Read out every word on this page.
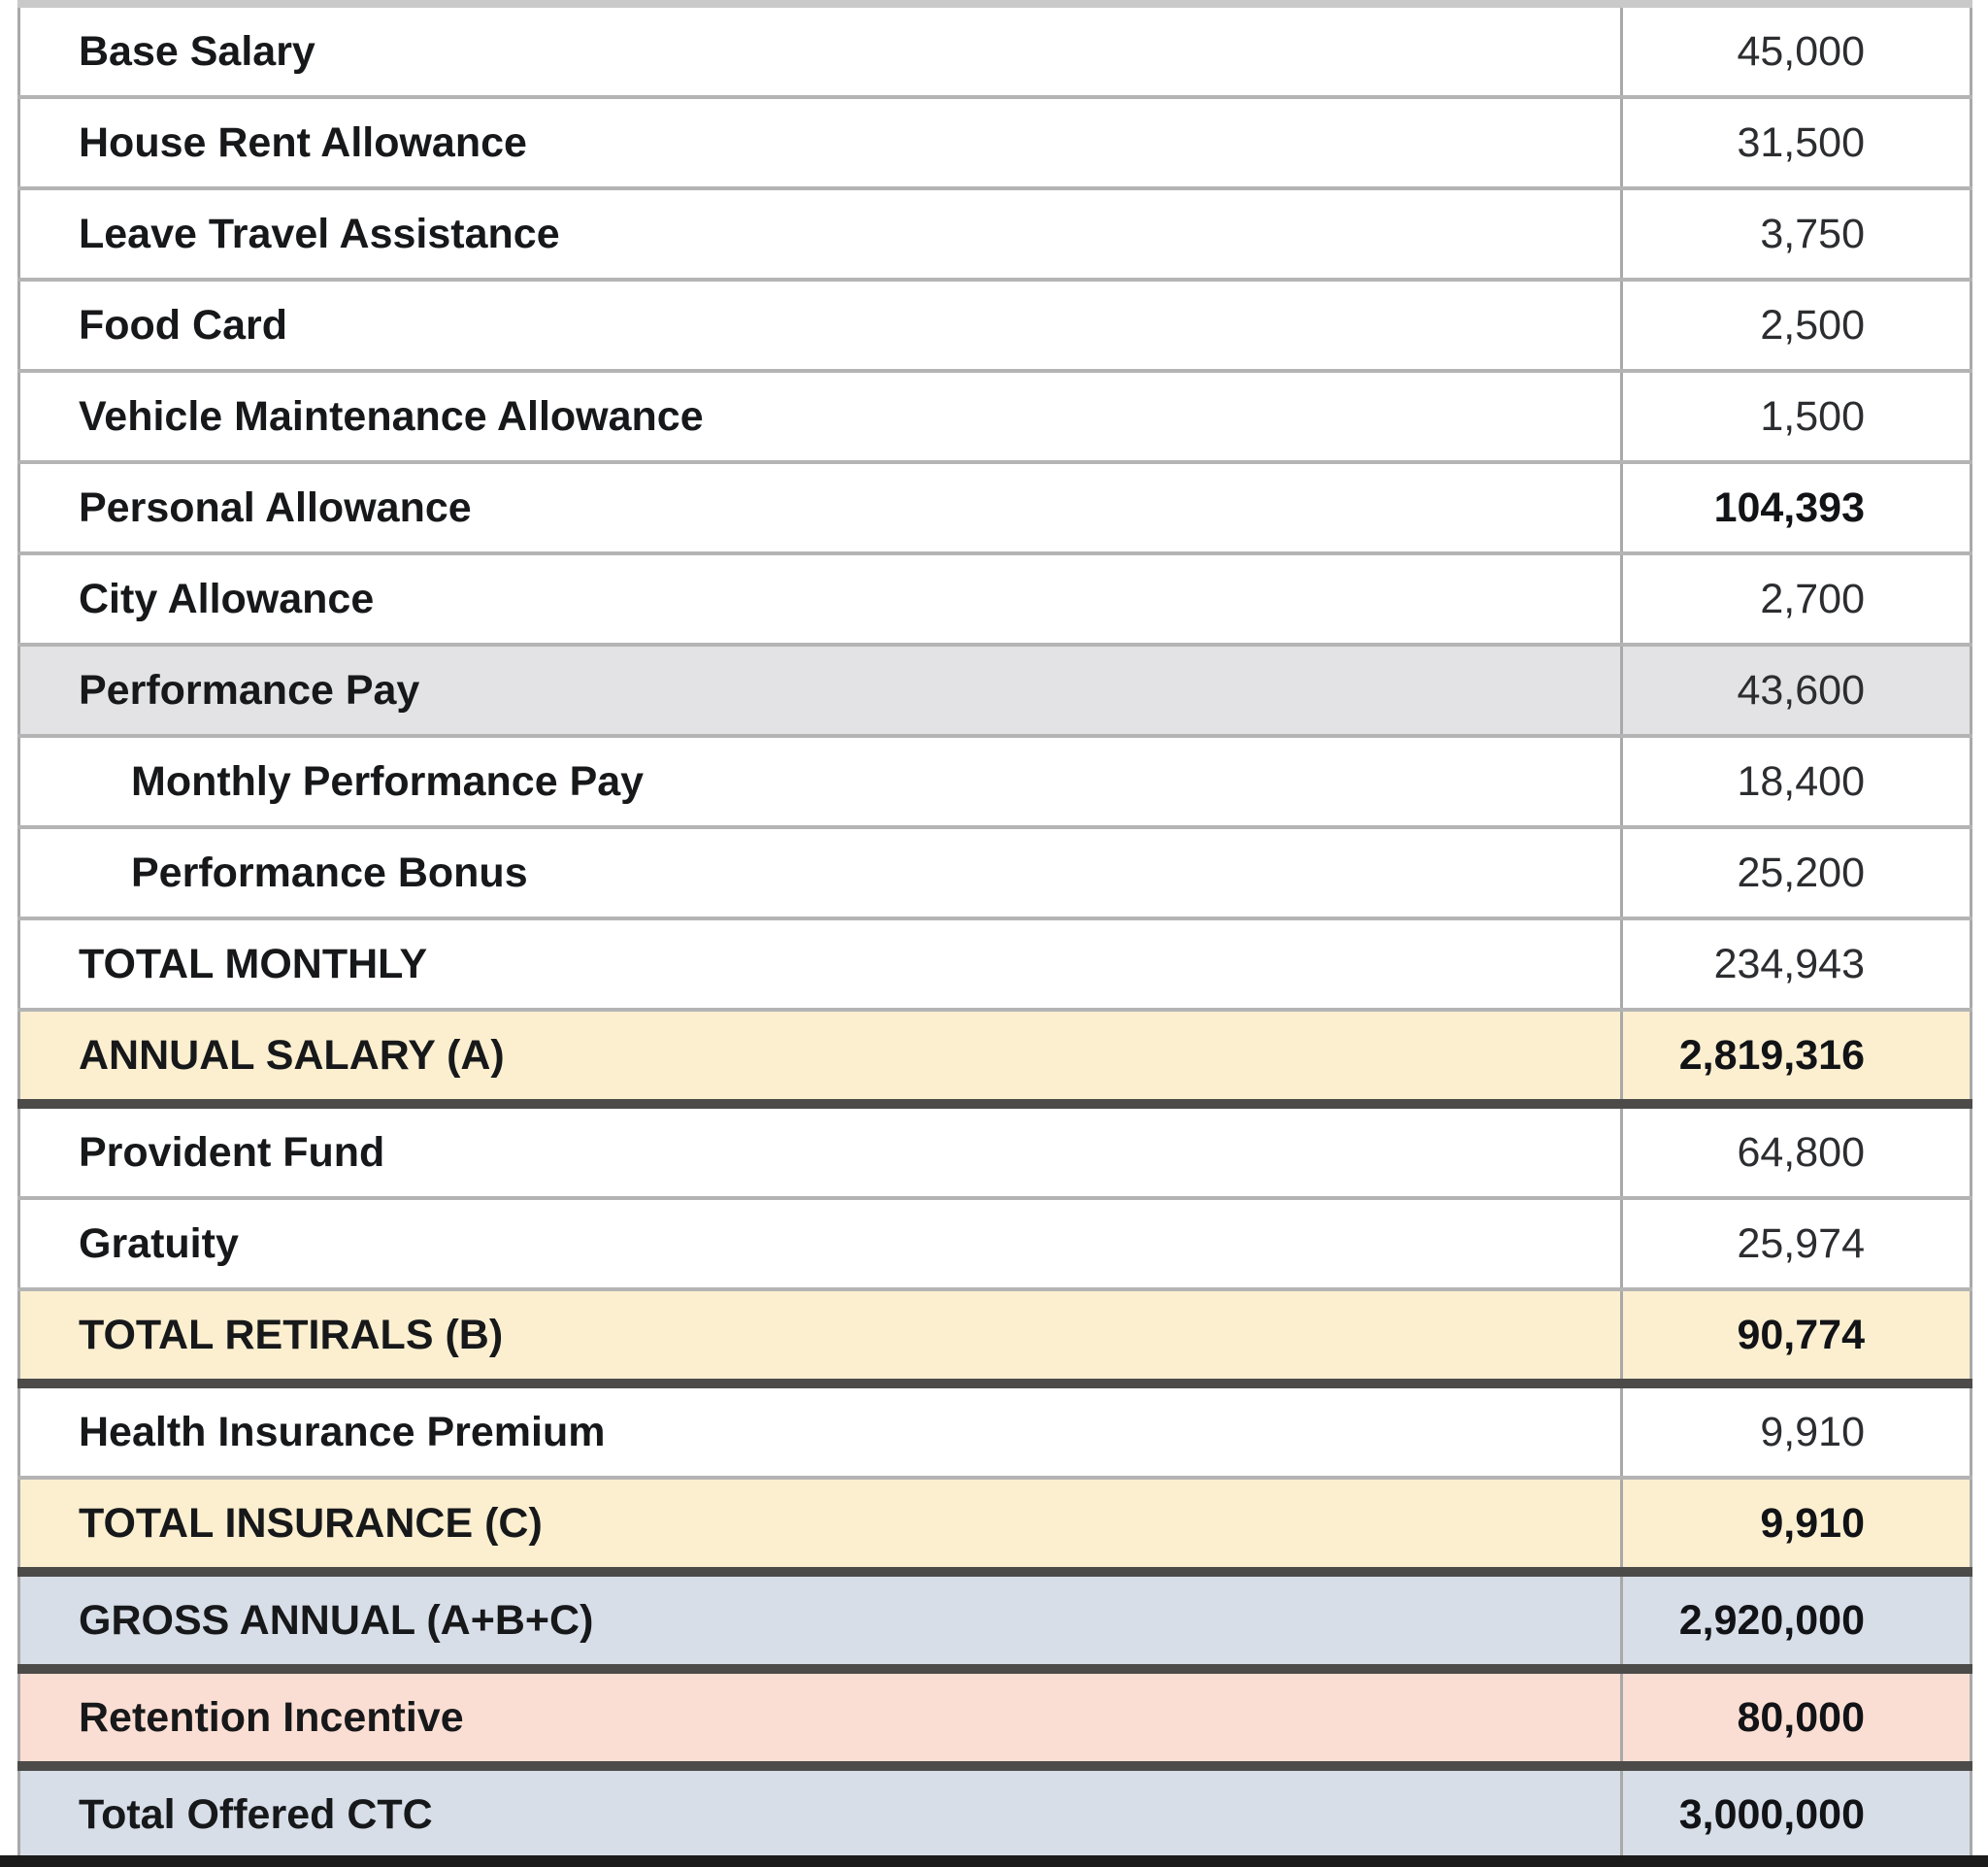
Base Salary	45,000
House Rent Allowance	31,500
Leave Travel Assistance	3,750
Food Card	2,500
Vehicle Maintenance Allowance	1,500
Personal Allowance	104,393
City Allowance	2,700
Performance Pay	43,600
Monthly Performance Pay	18,400
Performance Bonus	25,200
TOTAL MONTHLY	234,943
ANNUAL SALARY (A)	2,819,316
Provident Fund	64,800
Gratuity	25,974
TOTAL RETIRALS (B)	90,774
Health Insurance Premium	9,910
TOTAL INSURANCE (C)	9,910
GROSS ANNUAL (A+B+C)	2,920,000
Retention Incentive	80,000
Total Offered CTC	3,000,000
